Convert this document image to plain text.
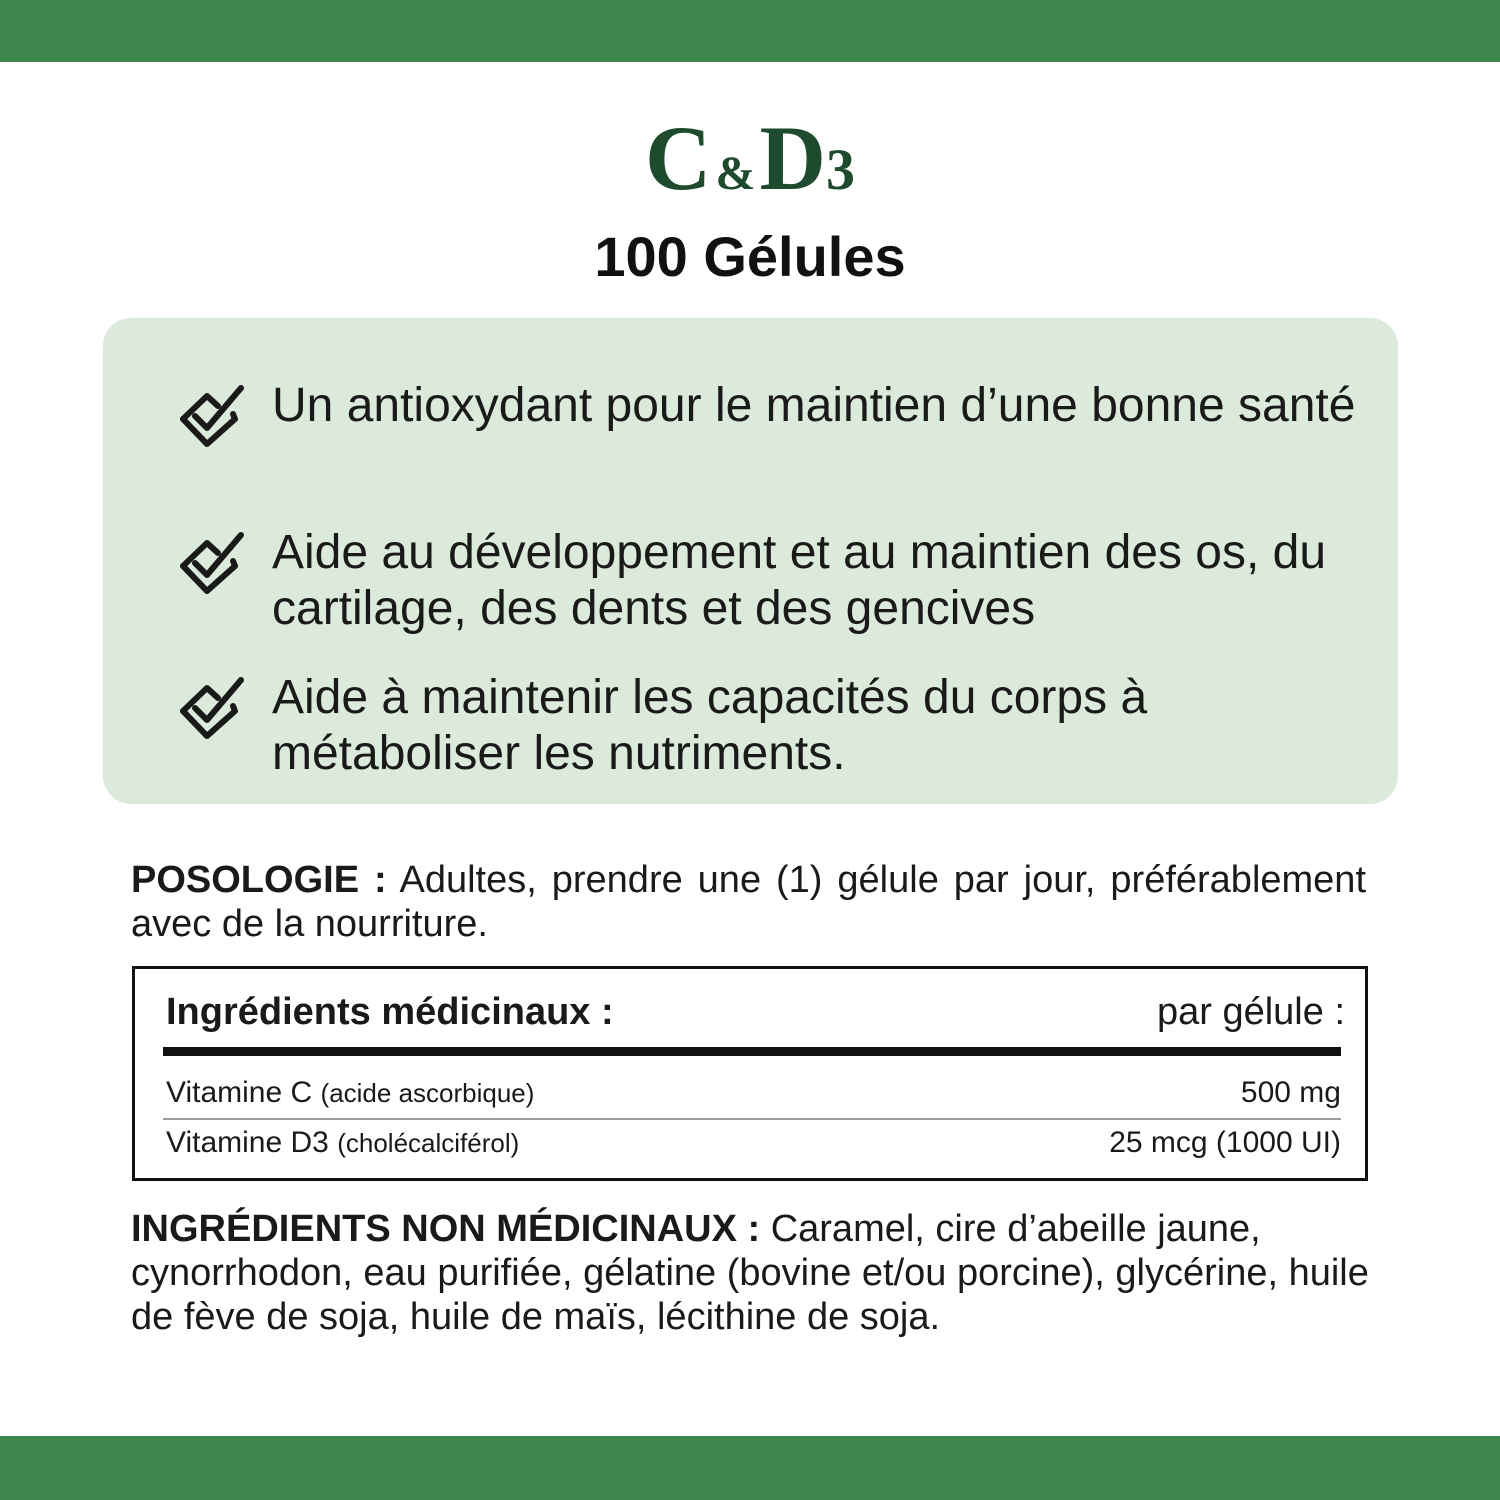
C&D3
100 Gélules
Un antioxydant pour le maintien d’une bonne santé
Aide au développement et au maintien des os, du cartilage, des dents et des gencives
Aide à maintenir les capacités du corps à métaboliser les nutriments.
POSOLOGIE : Adultes, prendre une (1) gélule par jour, préférablement avec de la nourriture.
Ingrédients médicinaux :	par gélule :
Vitamine C (acide ascorbique)	500 mg
Vitamine D3 (cholécalciférol)	25 mcg (1000 UI)
INGRÉDIENTS NON MÉDICINAUX : Caramel, cire d’abeille jaune, cynorrhodon, eau purifiée, gélatine (bovine et/ou porcine), glycérine, huile de fève de soja, huile de maïs, lécithine de soja.
